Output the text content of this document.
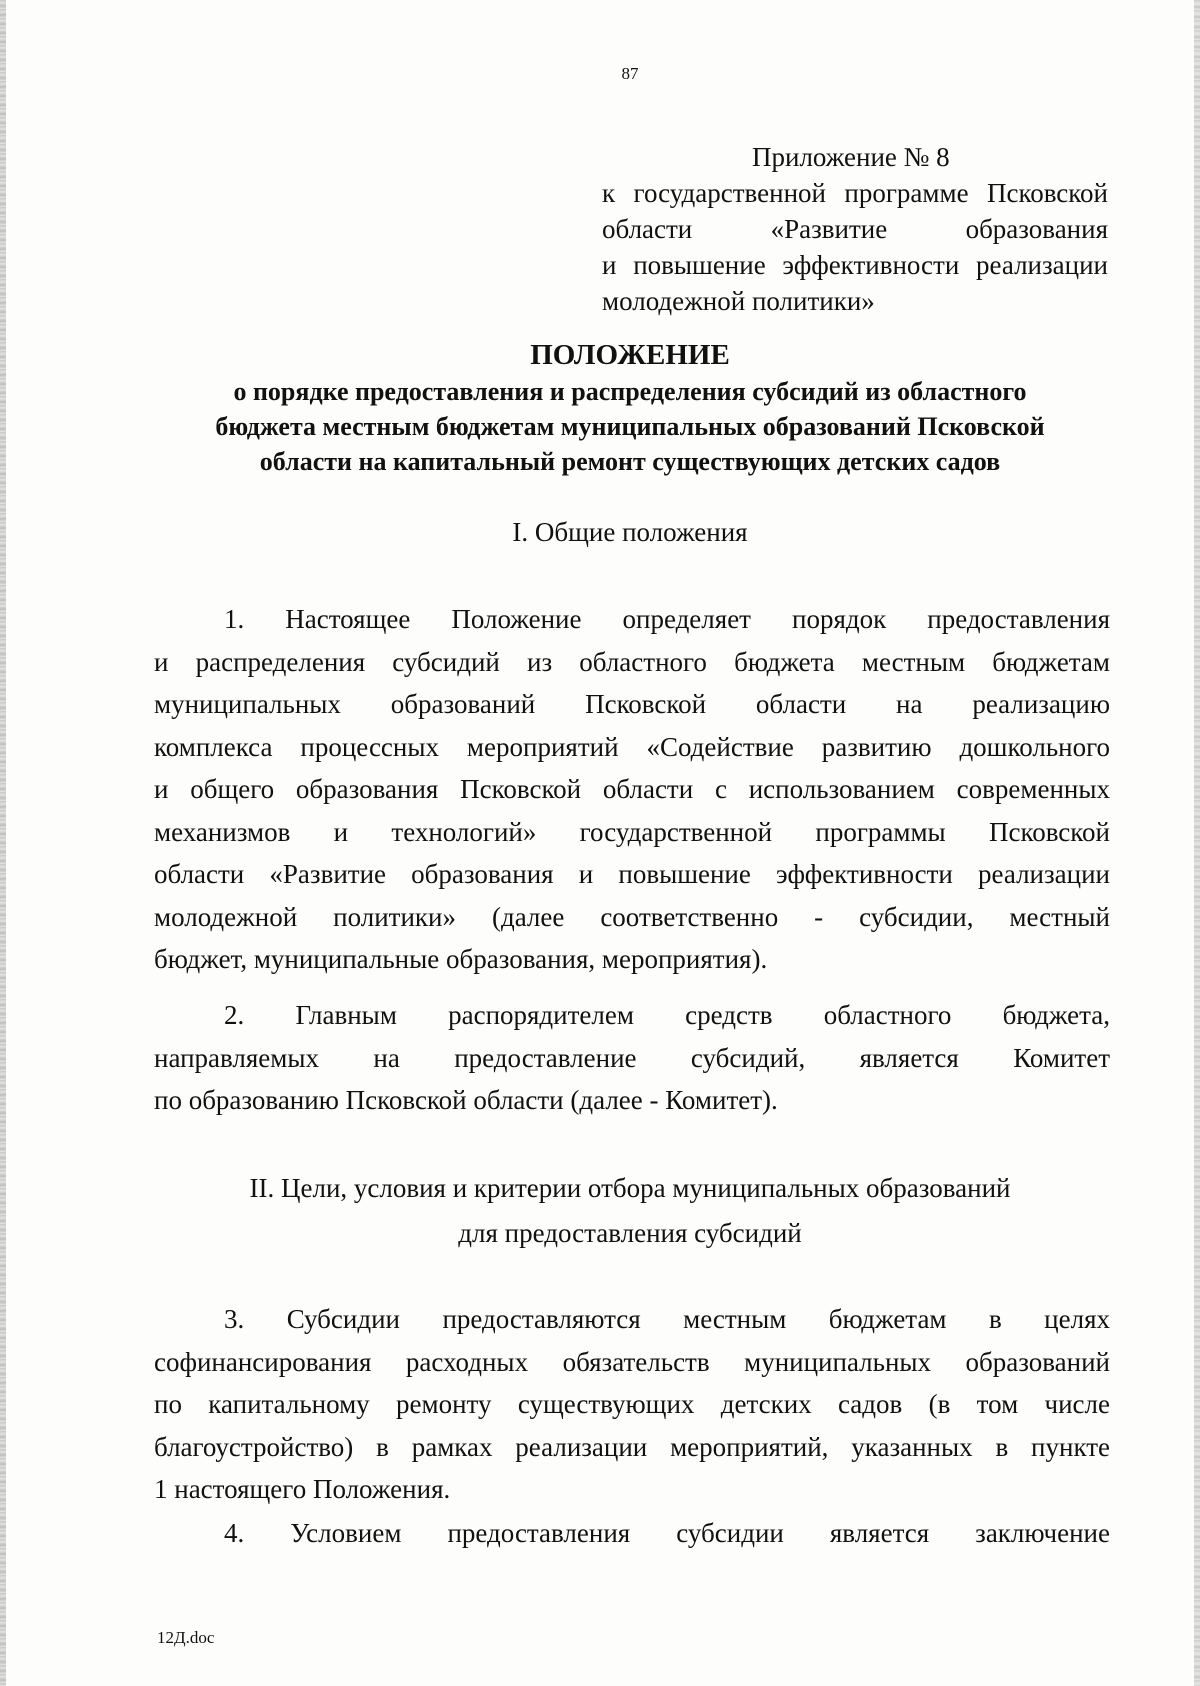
87
Приложение № 8
к государственной программе Псковской
области «Развитие образования
и повышение эффективности реализации
молодежной политики»
ПОЛОЖЕНИЕ
о порядке предоставления и распределения субсидий из областного
бюджета местным бюджетам муниципальных образований Псковской
области на капитальный ремонт существующих детских садов
I. Общие положения
1. Настоящее Положение определяет порядок предоставления
и распределения субсидий из областного бюджета местным бюджетам
муниципальных образований Псковской области на реализацию
комплекса процессных мероприятий «Содействие развитию дошкольного
и общего образования Псковской области с использованием современных
механизмов и технологий» государственной программы Псковской
области «Развитие образования и повышение эффективности реализации
молодежной политики» (далее соответственно - субсидии, местный
бюджет, муниципальные образования, мероприятия).
2. Главным распорядителем средств областного бюджета,
направляемых на предоставление субсидий, является Комитет
по образованию Псковской области (далее - Комитет).
II. Цели, условия и критерии отбора муниципальных образований
для предоставления субсидий
3. Субсидии предоставляются местным бюджетам в целях
софинансирования расходных обязательств муниципальных образований
по капитальному ремонту существующих детских садов (в том числе
благоустройство) в рамках реализации мероприятий, указанных в пункте
1 настоящего Положения.
4. Условием предоставления субсидии является заключение
12Д.doc
